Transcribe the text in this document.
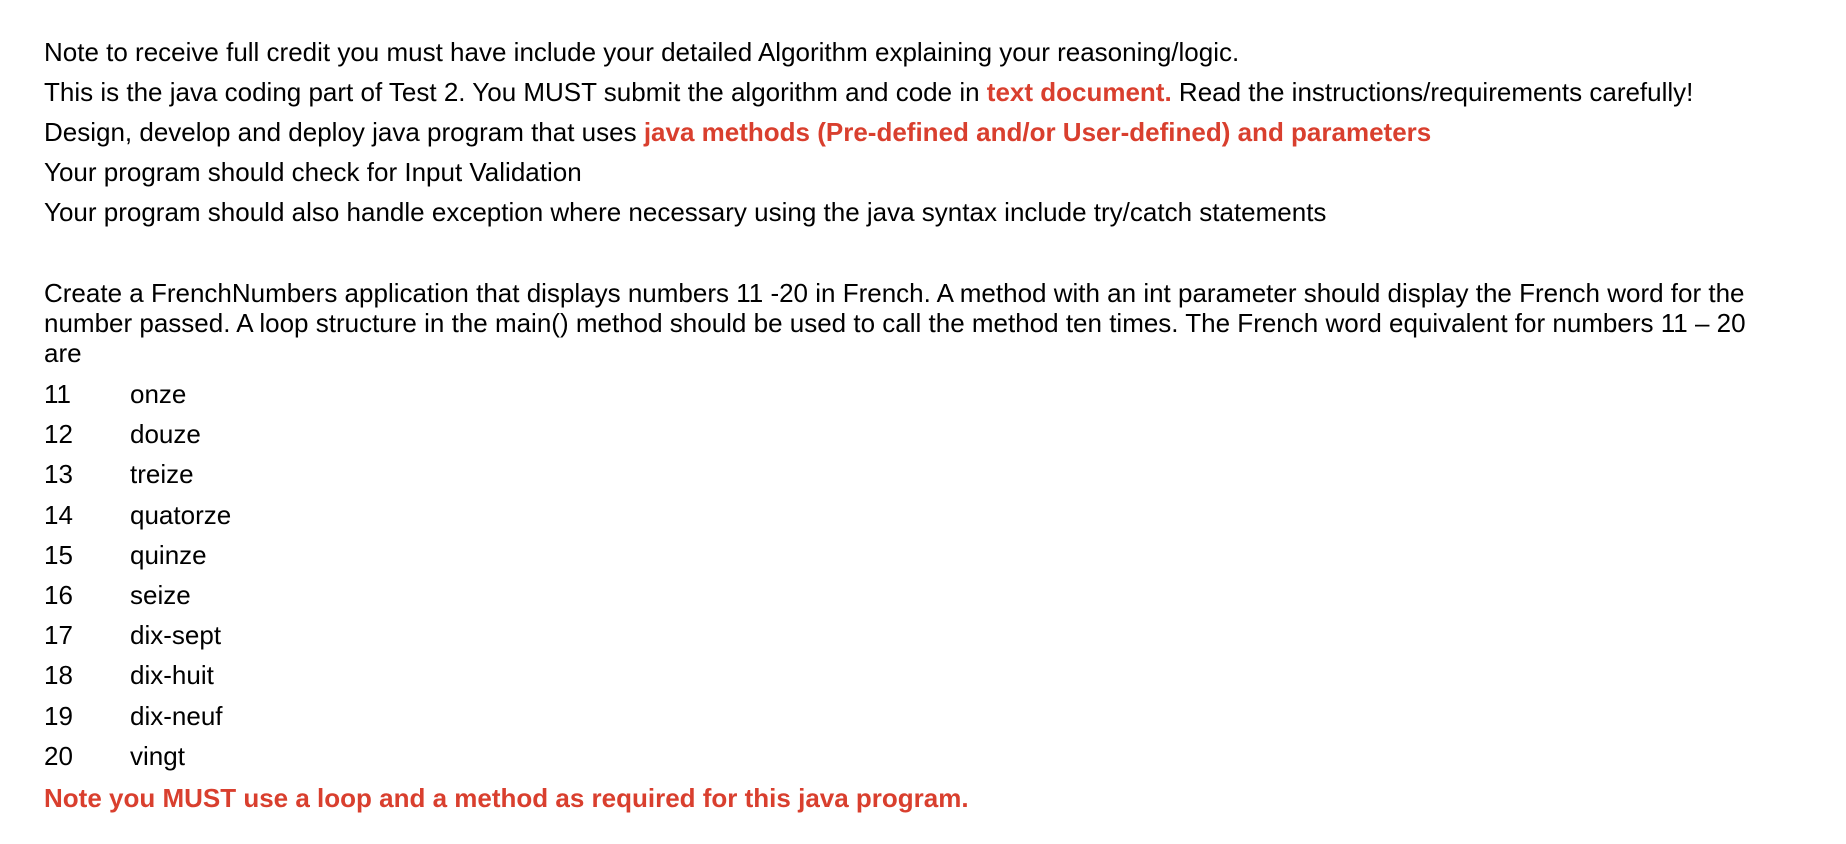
Note to receive full credit you must have include your detailed Algorithm explaining your reasoning/logic.
This is the java coding part of Test 2. You MUST submit the algorithm and code in text document. Read the instructions/requirements carefully!
Design, develop and deploy java program that uses java methods (Pre-defined and/or User-defined) and parameters
Your program should check for Input Validation
Your program should also handle exception where necessary using the java syntax include try/catch statements
Create a FrenchNumbers application that displays numbers 11 -20 in French. A method with an int parameter should display the French word for the number passed. A loop structure in the main() method should be used to call the method ten times. The French word equivalent for numbers 11 – 20 are
11 onze
12 douze
13 treize
14 quatorze
15 quinze
16 seize
17 dix-sept
18 dix-huit
19 dix-neuf
20 vingt
Note you MUST use a loop and a method as required for this java program.
